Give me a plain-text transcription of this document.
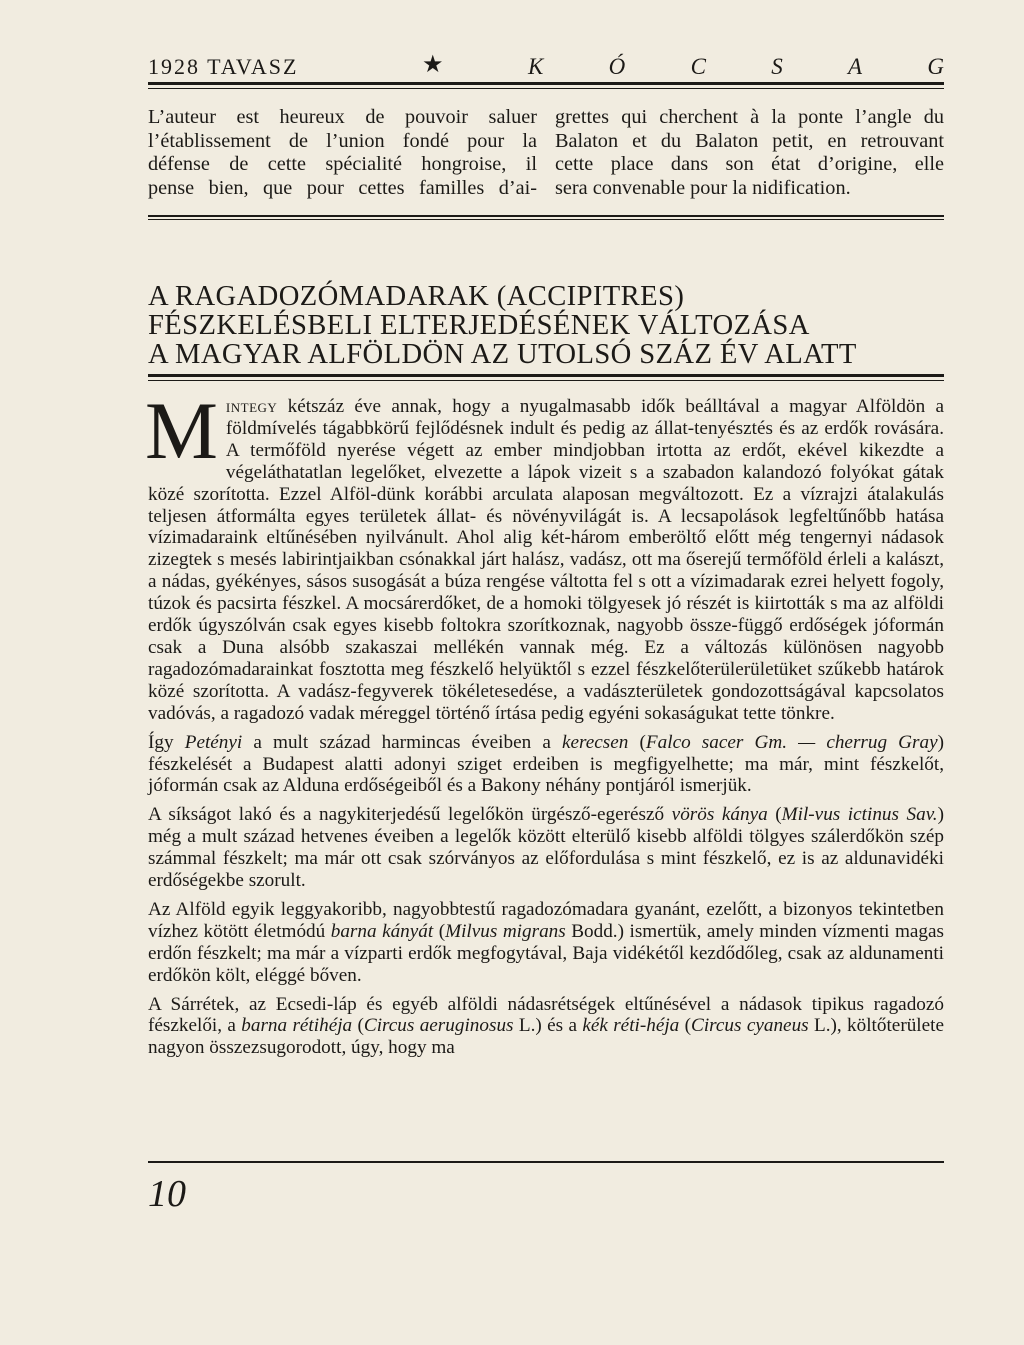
1928 TAVASZ	★	K	Ó	C	S	A	G

L’auteur est heureux de pouvoir saluer

l’établissement de l’union fondé pour la

défense de cette spécialité hongroise, il

pense bien, que pour cettes familles d’ai-

grettes qui cherchent à la ponte l’angle du

Balaton et du Balaton petit, en retrouvant

cette place dans son état d’origine, elle

sera convenable pour la nidification.

A RAGADOZÓMADARAK (ACCIPITRES)
FÉSZKELÉSBELI ELTERJEDÉSÉNEK VÁLTOZÁSA
A MAGYAR ALFÖLDÖN AZ UTOLSÓ SZÁZ ÉV ALATT

Mintegy kétszáz éve annak, hogy a nyugalmasabb idők beálltával a magyar Alföldön a földmívelés tágabbkörű fejlődésnek indult és pedig az állat-tenyésztés és az erdők rovására. A termőföld nyerése végett az ember mindjobban irtotta az erdőt, ekével kikezdte a végeláthatatlan legelőket, elvezette a lápok vizeit s a szabadon kalandozó folyókat gátak közé szorította. Ezzel Alföl-dünk korábbi arculata alaposan megváltozott. Ez a vízrajzi átalakulás teljesen átformálta egyes területek állat- és növényvilágát is. A lecsapolások legfeltűnőbb hatása vízimadaraink eltűnésében nyilvánult. Ahol alig két-három emberöltő előtt még tengernyi nádasok zizegtek s mesés labirintjaikban csónakkal járt halász, vadász, ott ma őserejű termőföld érleli a kalászt, a nádas, gyékényes, sásos susogását a búza rengése váltotta fel s ott a vízimadarak ezrei helyett fogoly, túzok és pacsirta fészkel. A mocsárerdőket, de a homoki tölgyesek jó részét is kiirtották s ma az alföldi erdők úgyszólván csak egyes kisebb foltokra szorítkoznak, nagyobb össze-függő erdőségek jóformán csak a Duna alsóbb szakaszai mellékén vannak még. Ez a változás különösen nagyobb ragadozómadarainkat fosztotta meg fészkelő helyüktől s ezzel fészkelőterülerületüket szűkebb határok közé szorította. A vadász-fegyverek tökéletesedése, a vadászterületek gondozottságával kapcsolatos vadóvás, a ragadozó vadak méreggel történő írtása pedig egyéni sokaságukat tette tönkre.

Így Petényi a mult század harmincas éveiben a kerecsen (Falco sacer Gm. — cherrug Gray) fészkelését a Budapest alatti adonyi sziget erdeiben is megfigyelhette; ma már, mint fészkelőt, jóformán csak az Alduna erdőségeiből és a Bakony néhány pontjáról ismerjük.

A síkságot lakó és a nagykiterjedésű legelőkön ürgésző-egerésző vörös kánya (Mil-vus ictinus Sav.) még a mult század hetvenes éveiben a legelők között elterülő kisebb alföldi tölgyes szálerdőkön szép számmal fészkelt; ma már ott csak szórványos az előfordulása s mint fészkelő, ez is az aldunavidéki erdőségekbe szorult.

Az Alföld egyik leggyakoribb, nagyobbtestű ragadozómadara gyanánt, ezelőtt, a bizonyos tekintetben vízhez kötött életmódú barna kányát (Milvus migrans Bodd.) ismertük, amely minden vízmenti magas erdőn fészkelt; ma már a vízparti erdők megfogytával, Baja vidékétől kezdődőleg, csak az aldunamenti erdőkön költ, eléggé bőven.

A Sárrétek, az Ecsedi-láp és egyéb alföldi nádasrétségek eltűnésével a nádasok tipikus ragadozó fészkelői, a barna rétihéja (Circus aeruginosus L.) és a kék réti-héja (Circus cyaneus L.), költőterülete nagyon összezsugorodott, úgy, hogy ma

10
